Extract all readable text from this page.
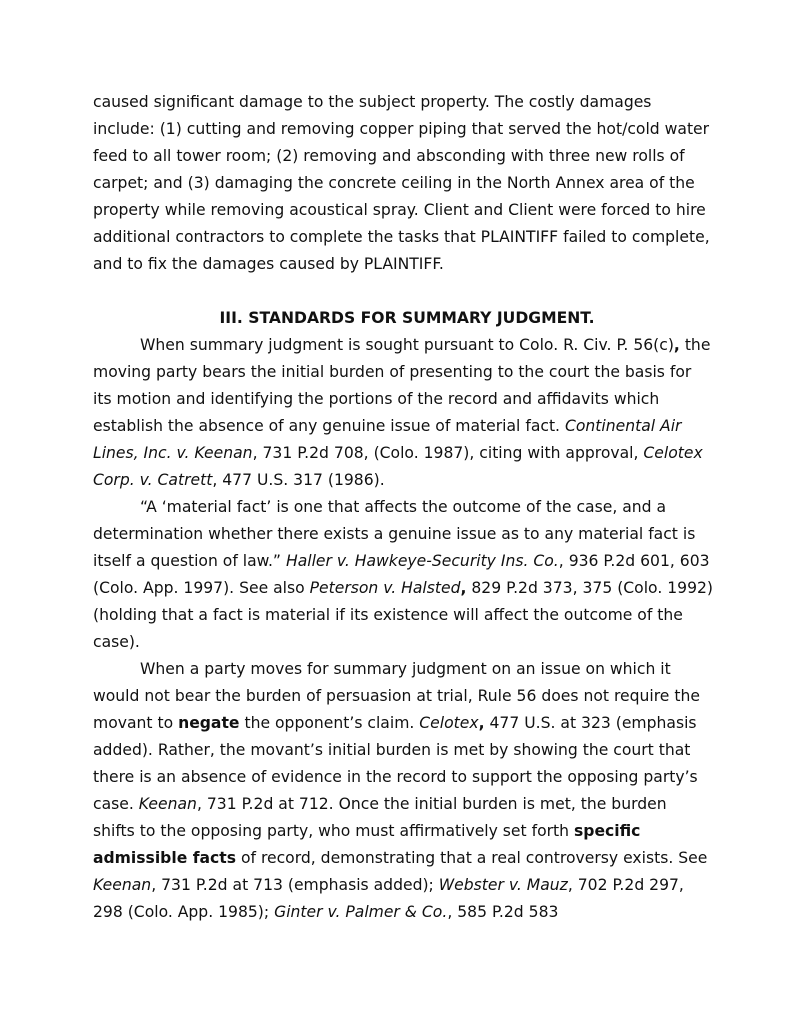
caused significant damage to the subject property. The costly damages include: (1) cutting and removing copper piping that served the hot/cold water feed to all tower room; (2) removing and absconding with three new rolls of carpet; and (3) damaging the concrete ceiling in the North Annex area of the property while removing acoustical spray. Client and Client were forced to hire additional contractors to complete the tasks that PLAINTIFF failed to complete, and to fix the damages caused by PLAINTIFF.

III. STANDARDS FOR SUMMARY JUDGMENT.

When summary judgment is sought pursuant to Colo. R. Civ. P. 56(c), the moving party bears the initial burden of presenting to the court the basis for its motion and identifying the portions of the record and affidavits which establish the absence of any genuine issue of material fact. Continental Air Lines, Inc. v. Keenan, 731 P.2d 708, (Colo. 1987), citing with approval, Celotex Corp. v. Catrett, 477 U.S. 317 (1986).

“A ‘material fact’ is one that affects the outcome of the case, and a determination whether there exists a genuine issue as to any material fact is itself a question of law.” Haller v. Hawkeye-Security Ins. Co., 936 P.2d 601, 603 (Colo. App. 1997). See also Peterson v. Halsted, 829 P.2d 373, 375 (Colo. 1992) (holding that a fact is material if its existence will affect the outcome of the case).

When a party moves for summary judgment on an issue on which it would not bear the burden of persuasion at trial, Rule 56 does not require the movant to negate the opponent’s claim. Celotex, 477 U.S. at 323 (emphasis added). Rather, the movant’s initial burden is met by showing the court that there is an absence of evidence in the record to support the opposing party’s case. Keenan, 731 P.2d at 712. Once the initial burden is met, the burden shifts to the opposing party, who must affirmatively set forth specific admissible facts of record, demonstrating that a real controversy exists. See Keenan, 731 P.2d at 713 (emphasis added); Webster v. Mauz, 702 P.2d 297, 298 (Colo. App. 1985); Ginter v. Palmer & Co., 585 P.2d 583
